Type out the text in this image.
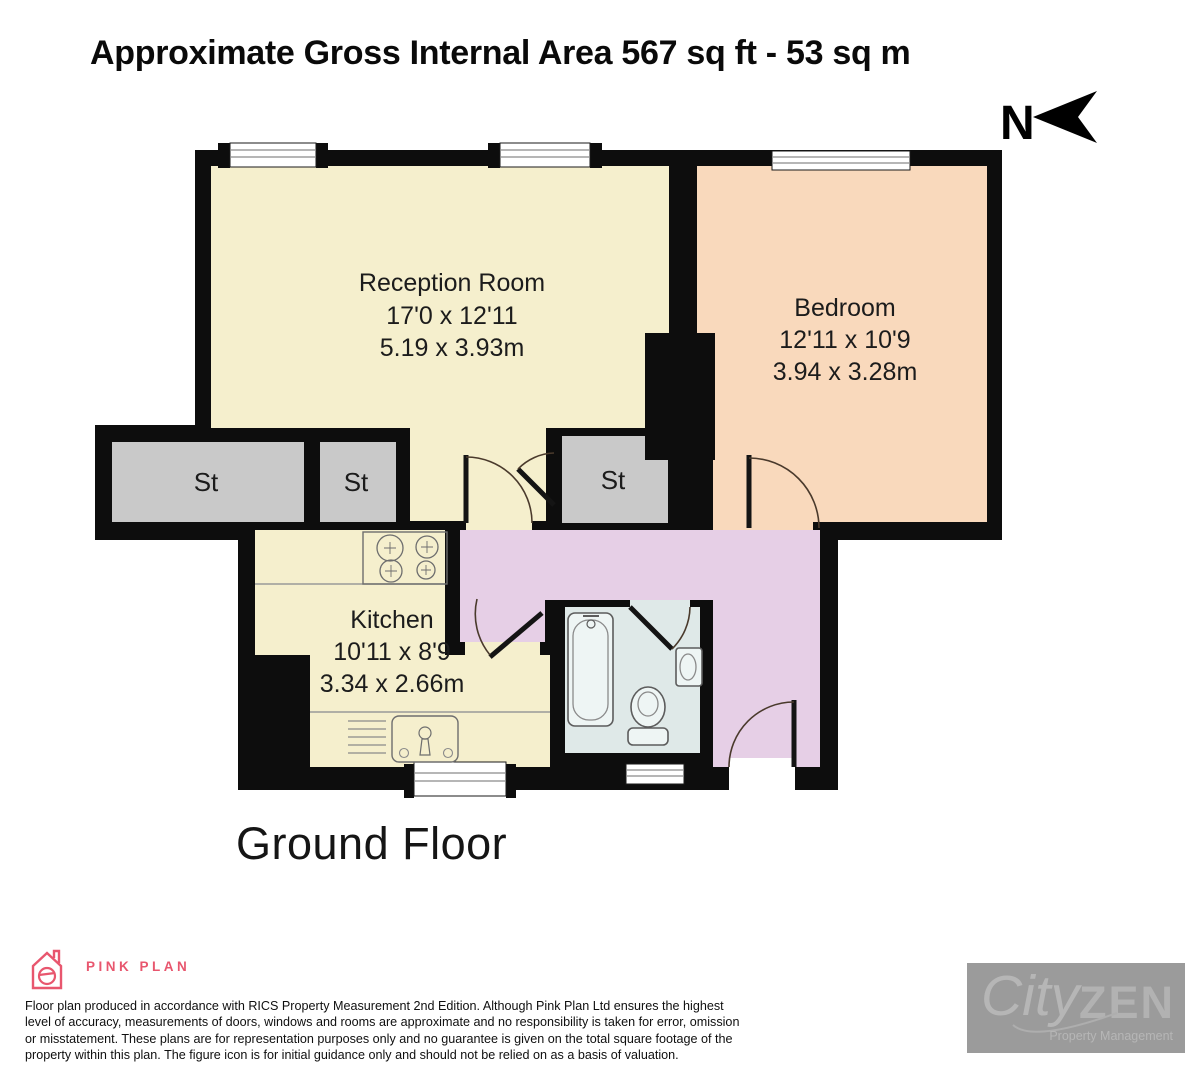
Approximate Gross Internal Area 567 sq ft - 53 sq m
Reception Room
17'0 x 12'11
5.19 x 3.93m
Bedroom
12'11 x 10'9
3.94 x 3.28m
Kitchen
10'11 x 8'9
3.34 x 2.66m
St	St	St
N
Ground Floor
PINK PLAN
Floor plan produced in accordance with RICS Property Measurement 2nd Edition. Although Pink Plan Ltd ensures the highest
level of accuracy, measurements of doors, windows and rooms are approximate and no responsibility is taken for error, omission
or misstatement. These plans are for representation purposes only and no guarantee is given on the total square footage of the
property within this plan. The figure icon is for initial guidance only and should not be relied on as a basis of valuation.
City ZEN
Property Management
